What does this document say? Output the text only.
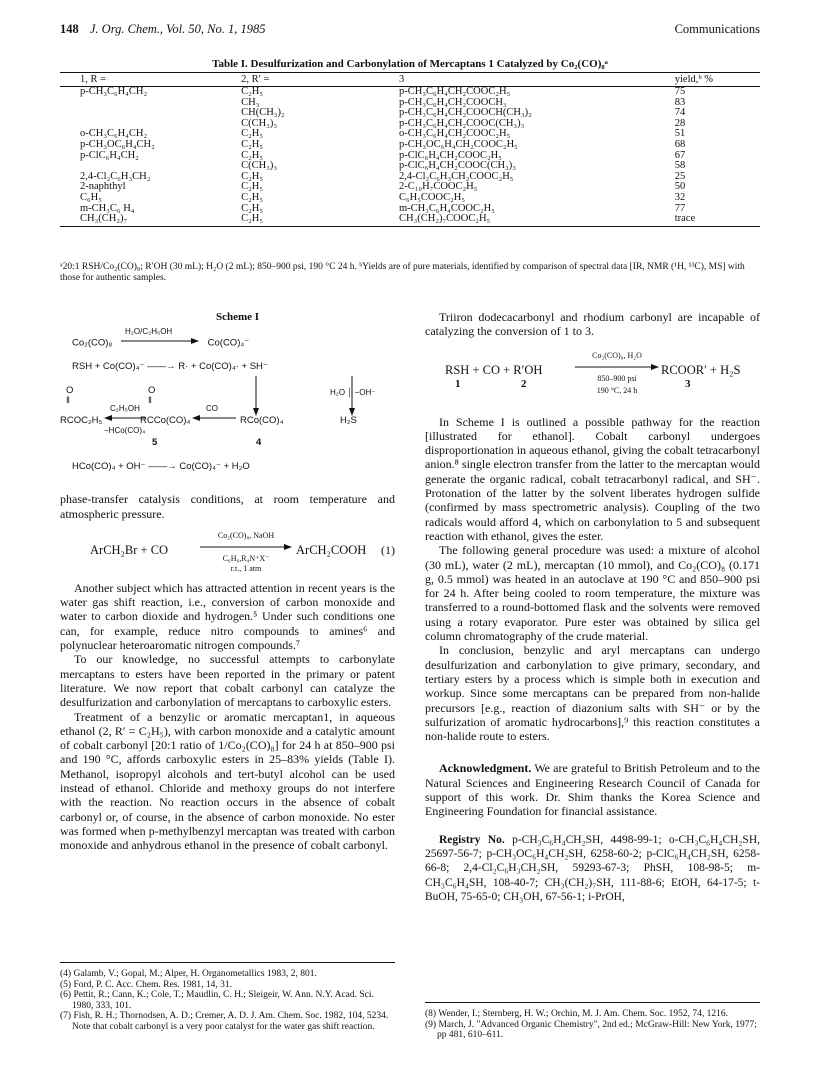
148 J. Org. Chem., Vol. 50, No. 1, 1985	Communications
Table I. Desulfurization and Carbonylation of Mercaptans 1 Catalyzed by Co₂(CO)₈ᵃ
1, R =	2, R′ =	3	yield,ᵇ %
p-CH₃C₆H₄CH₂	C₂H₅	p-CH₃C₆H₄CH₂COOC₂H₅	75
	CH₃	p-CH₃C₆H₄CH₂COOCH₃	83
	CH(CH₃)₂	p-CH₃C₆H₄CH₂COOCH(CH₃)₂	74
	C(CH₃)₃	p-CH₃C₆H₄CH₂COOC(CH₃)₃	28
o-CH₃C₆H₄CH₂	C₂H₅	o-CH₃C₆H₄CH₂COOC₂H₅	51
p-CH₃OC₆H₄CH₂	C₂H₅	p-CH₃OC₆H₄CH₂COOC₂H₅	68
p-ClC₆H₄CH₂	C₂H₅	p-ClC₆H₄CH₂COOC₂H₅	67
	C(CH₃)₃	p-ClC₆H₄CH₂COOC(CH₃)₃	58
2,4-Cl₂C₆H₃CH₂	C₂H₅	2,4-Cl₂C₆H₃CH₂COOC₂H₅	25
2-naphthyl	C₂H₅	2-C₁₀H₇COOC₂H₅	50
C₆H₅	C₂H₅	C₆H₅COOC₂H₅	32
m-CH₃C₆ H₄	C₂H₅	m-CH₃C₆H₄COOC₂H₅	77
CH₃(CH₂)₇	C₂H₅	CH₃(CH₂)₇COOC₂H₅	trace
ᵃ20:1 RSH/Co₂(CO)₈; R′OH (30 mL); H₂O (2 mL); 850–900 psi, 190 °C 24 h. ᵇYields are of pure materials, identified by comparison of spectral data [IR, NMR (¹H, ¹³C), MS] with those for authentic samples.
Scheme I
Co₂(CO)₈
H₂O/C₂H₅OH
Co(CO)₄⁻
RSH + Co(CO)₄⁻ ——→ R· + Co(CO)₄· + SH⁻
O	O
‖	‖
H₂O │ −OH⁻
RCOC₂H₅
C₂H₅OH
−HCo(CO)₄
RCCo(CO)₄
CO
RCo(CO)₄	H₂S
5	4
HCo(CO)₄ + OH⁻ ——→ Co(CO)₄⁻ + H₂O

phase-transfer catalysis conditions, at room temperature and atmospheric pressure.

ArCH₂Br + CO
Co₂(CO)₈, NaOH
C₆H₆,R₄N⁺X⁻
r.t., 1 atm
ArCH₂COOH (1)

Another subject which has attracted attention in recent years is the water gas shift reaction, i.e., conversion of carbon monoxide and water to carbon dioxide and hydrogen.⁵ Under such conditions one can, for example, reduce nitro compounds to amines⁶ and polynuclear heteroaromatic nitrogen compounds.⁷

To our knowledge, no successful attempts to carbonylate mercaptans to esters have been reported in the primary or patent literature. We now report that cobalt carbonyl can catalyze the desulfurization and carbonylation of mercaptans to carboxylic esters.

Treatment of a benzylic or aromatic mercaptan1, in aqueous ethanol (2, R′ = C₂H₅), with carbon monoxide and a catalytic amount of cobalt carbonyl [20:1 ratio of 1/Co₂(CO)₈] for 24 h at 850–900 psi and 190 °C, affords carboxylic esters in 25–83% yields (Table I). Methanol, isopropyl alcohols and tert-butyl alcohol can be used instead of ethanol. Chloride and methoxy groups do not interfere with the reaction. No reaction occurs in the absence of cobalt carbonyl or, of course, in the absence of carbon monoxide. No ester was formed when p-methylbenzyl mercaptan was treated with carbon monoxide and anhydrous ethanol in the presence of cobalt carbonyl.

Triiron dodecacarbonyl and rhodium carbonyl are incapable of catalyzing the conversion of 1 to 3.

RSH + CO + R′OH
1	2
Co₂(CO)₈, H₂O
850–900 psi
190 °C, 24 h
RCOOR′ + H₂S
3

In Scheme I is outlined a possible pathway for the reaction [illustrated for ethanol]. Cobalt carbonyl undergoes disproportionation in aqueous ethanol, giving the cobalt tetracarbonyl anion.⁸ single electron transfer from the latter to the mercaptan would generate the organic radical, cobalt tetracarbonyl radical, and SH⁻. Protonation of the latter by the solvent liberates hydrogen sulfide (confirmed by mass spectrometric analysis). Coupling of the two radicals would afford 4, which on carbonylation to 5 and subsequent reaction with ethanol, gives the ester.

The following general procedure was used: a mixture of alcohol (30 mL), water (2 mL), mercaptan (10 mmol), and Co₂(CO)₈ (0.171 g, 0.5 mmol) was heated in an autoclave at 190 °C and 850–900 psi for 24 h. After being cooled to room temperature, the mixture was transferred to a round-bottomed flask and the solvents were removed using a rotary evaporator. Pure ester was obtained by silica gel column chromatography of the crude material.

In conclusion, benzylic and aryl mercaptans can undergo desulfurization and carbonylation to give primary, secondary, and tertiary esters by a process which is simple both in execution and workup. Since some mercaptans can be prepared from non-halide precursors [e.g., reaction of diazonium salts with SH⁻ or by the sulfurization of aromatic hydrocarbons],⁹ this reaction constitutes a non-halide route to esters.

Acknowledgment. We are grateful to British Petroleum and to the Natural Sciences and Engineering Research Council of Canada for support of this work. Dr. Shim thanks the Korea Science and Engineering Foundation for financial assistance.

Registry No. p-CH₃C₆H₄CH₂SH, 4498-99-1; o-CH₃C₆H₄CH₂SH, 25697-56-7; p-CH₃OC₆H₄CH₂SH, 6258-60-2; p-ClC₆H₄CH₂SH, 6258-66-8; 2,4-Cl₂C₆H₃CH₂SH, 59293-67-3; PhSH, 108-98-5; m-CH₃C₆H₄SH, 108-40-7; CH₃(CH₂)₇SH, 111-88-6; EtOH, 64-17-5; t-BuOH, 75-65-0; CH₃OH, 67-56-1; i-PrOH,

(4) Galamb, V.; Gopal, M.; Alper, H. Organometallics 1983, 2, 801.

(5) Ford, P. C. Acc. Chem. Res. 1981, 14, 31.

(6) Pettit, R.; Cann, K.; Cole, T.; Maudlin, C. H.; Sleigeir, W. Ann. N.Y. Acad. Sci. 1980, 333, 101.

(7) Fish, R. H.; Thornodsen, A. D.; Cremer, A. D. J. Am. Chem. Soc. 1982, 104, 5234. Note that cobalt carbonyl is a very poor catalyst for the water gas shift reaction.

(8) Wender, I.; Sternberg, H. W.; Orchin, M. J. Am. Chem. Soc. 1952, 74, 1216.

(9) March, J. "Advanced Organic Chemistry", 2nd ed.; McGraw-Hill: New York, 1977; pp 481, 610–611.
